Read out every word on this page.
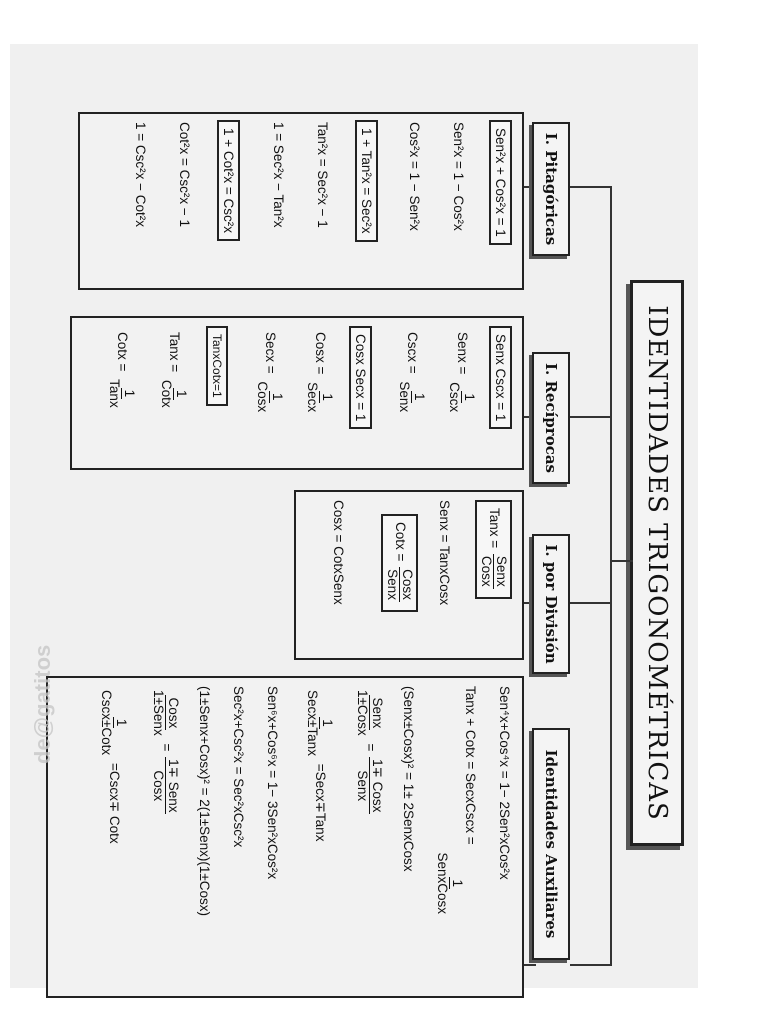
IDENTIDADES TRIGONOMÉTRICAS
I. Pitagóricas
I. Recíprocas
I. por División
Identidades Auxiliares
Sen²x + Cos²x = 1
Sen²x = 1 − Cos²x
Cos²x = 1 − Sen²x
1 + Tan²x = Sec²x
Tan²x = Sec²x − 1
1 = Sec²x − Tan²x
1 + Cot²x = Csc²x
Cot²x = Csc²x − 1
1 = Csc²x − Cot²x
Senx Cscx = 1
Senx =
1
Cscx
Cscx =
1
Senx
Cosx Secx = 1
Cosx =
1
Secx
Secx =
1
Cosx
TanxCotx=1
Tanx =
1
Cotx
Cotx =
1
Tanx
Tanx =
Senx
Cosx
Senx = TanxCosx
Cotx =
Cosx
Senx
Cosx = CotxSenx
Sen⁴x+Cos⁴x = 1− 2Sen²xCos²x
Tanx + Cotx = SecxCscx =
1
SenxCosx
(Senx±Cosx)² = 1± 2SenxCosx
Senx
1±Cosx
=
1∓ Cosx
Senx
1
Secx±Tanx
=Secx∓Tanx
Sen⁶x+Cos⁶x = 1− 3Sen²xCos²x
Sec²x+Csc²x = Sec²xCsc²x
(1±Senx+Cosx)² = 2(1±Senx)(1±Cosx)
Cosx
1±Senx
=
1∓ Senx
Cosx
1
Cscx±Cotx
=Cscx∓ Cotx
de@gatitos
